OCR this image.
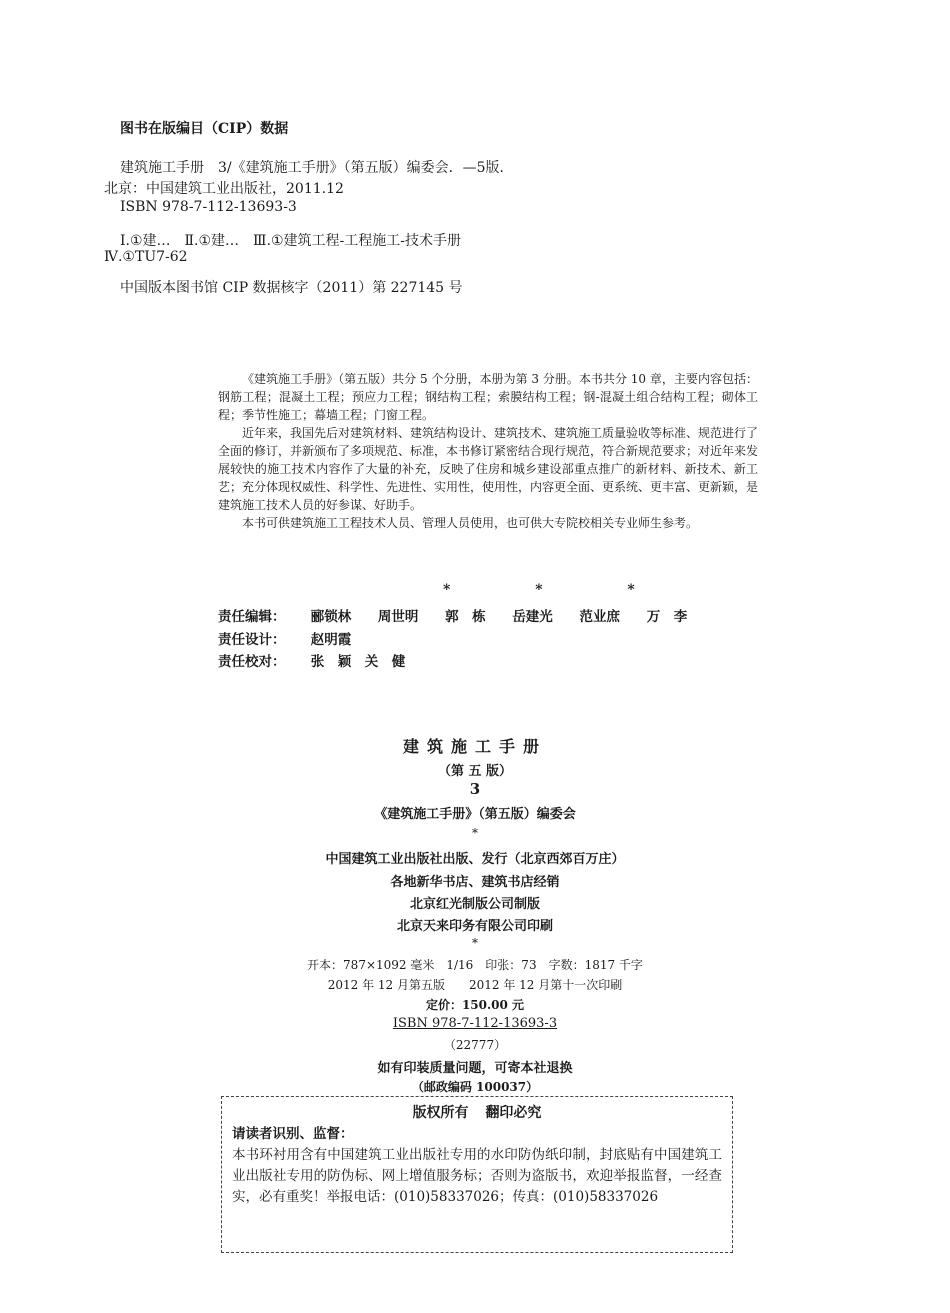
图书在版编目（CIP）数据
建筑施工手册　3/《建筑施工手册》（第五版）编委会．—5版．
北京：中国建筑工业出版社，2011.12
ISBN 978-7-112-13693-3
Ⅰ.①建…　Ⅱ.①建…　Ⅲ.①建筑工程-工程施工-技术手册
Ⅳ.①TU7-62
中国版本图书馆 CIP 数据核字（2011）第 227145 号

《建筑施工手册》（第五版）共分 5 个分册，本册为第 3 分册。本书共分 10 章，主要内容包括：钢筋工程；混凝土工程；预应力工程；钢结构工程；索膜结构工程；钢-混凝土组合结构工程；砌体工程；季节性施工；幕墙工程；门窗工程。

近年来，我国先后对建筑材料、建筑结构设计、建筑技术、建筑施工质量验收等标准、规范进行了全面的修订，并新颁布了多项规范、标准，本书修订紧密结合现行规范，符合新规范要求；对近年来发展较快的施工技术内容作了大量的补充，反映了住房和城乡建设部重点推广的新材料、新技术、新工艺；充分体现权威性、科学性、先进性、实用性，使用性，内容更全面、更系统、更丰富、更新颖，是建筑施工技术人员的好参谋、好助手。

本书可供建筑施工工程技术人员、管理人员使用，也可供大专院校相关专业师生参考。

* * *
责任编辑： 郦锁林 周世明 郭　栋 岳建光 范业庶 万　李
责任设计： 赵明霞
责任校对： 张　颖　关　健
建筑施工手册
（第 五 版）
3
《建筑施工手册》（第五版）编委会
*
中国建筑工业出版社出版、发行（北京西郊百万庄）
各地新华书店、建筑书店经销
北京红光制版公司制版
北京天来印务有限公司印刷
*
开本：787×1092 毫米　1/16　印张：73　字数：1817 千字
2012 年 12 月第五版　　2012 年 12 月第十一次印刷
定价：150.00 元
ISBN 978-7-112-13693-3
（22777）
如有印装质量问题，可寄本社退换
（邮政编码 100037）
版权所有 翻印必究
请读者识别、监督：

本书环衬用含有中国建筑工业出版社专用的水印防伪纸印制，封底贴有中国建筑工业出版社专用的防伪标、网上增值服务标；否则为盗版书，欢迎举报监督，一经查实，必有重奖！举报电话：(010)58337026；传真：(010)58337026
